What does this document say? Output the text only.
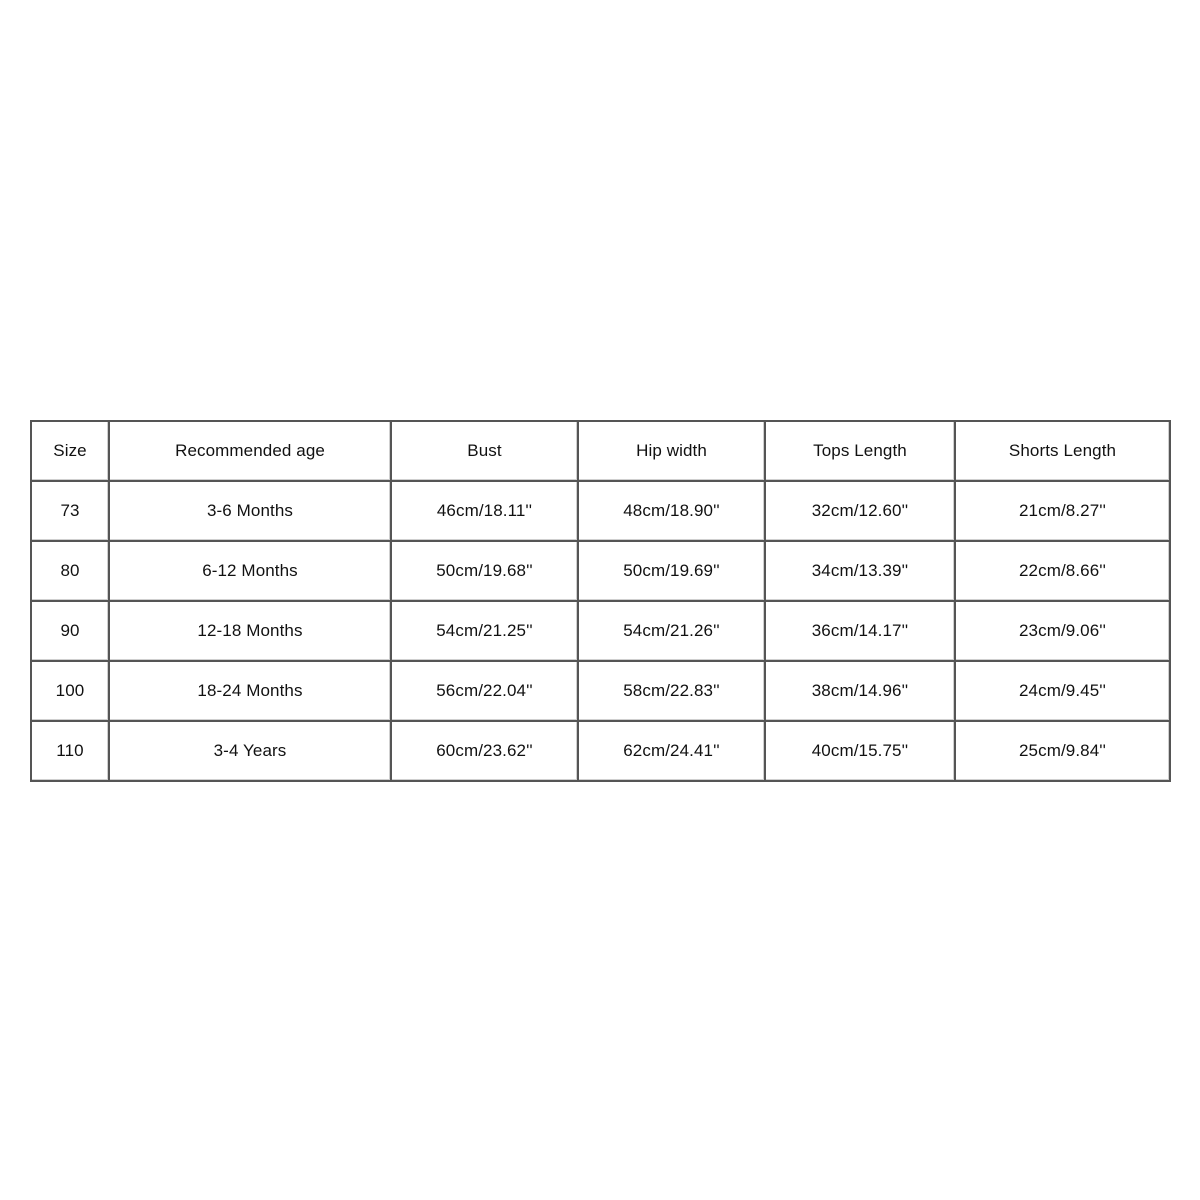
Size	Recommended age	Bust	Hip width	Tops Length	Shorts Length
73	3-6 Months	46cm/18.11''	48cm/18.90''	32cm/12.60''	21cm/8.27''
80	6-12 Months	50cm/19.68''	50cm/19.69''	34cm/13.39''	22cm/8.66''
90	12-18 Months	54cm/21.25''	54cm/21.26''	36cm/14.17''	23cm/9.06''
100	18-24 Months	56cm/22.04''	58cm/22.83''	38cm/14.96''	24cm/9.45''
110	3-4 Years	60cm/23.62''	62cm/24.41''	40cm/15.75''	25cm/9.84''
